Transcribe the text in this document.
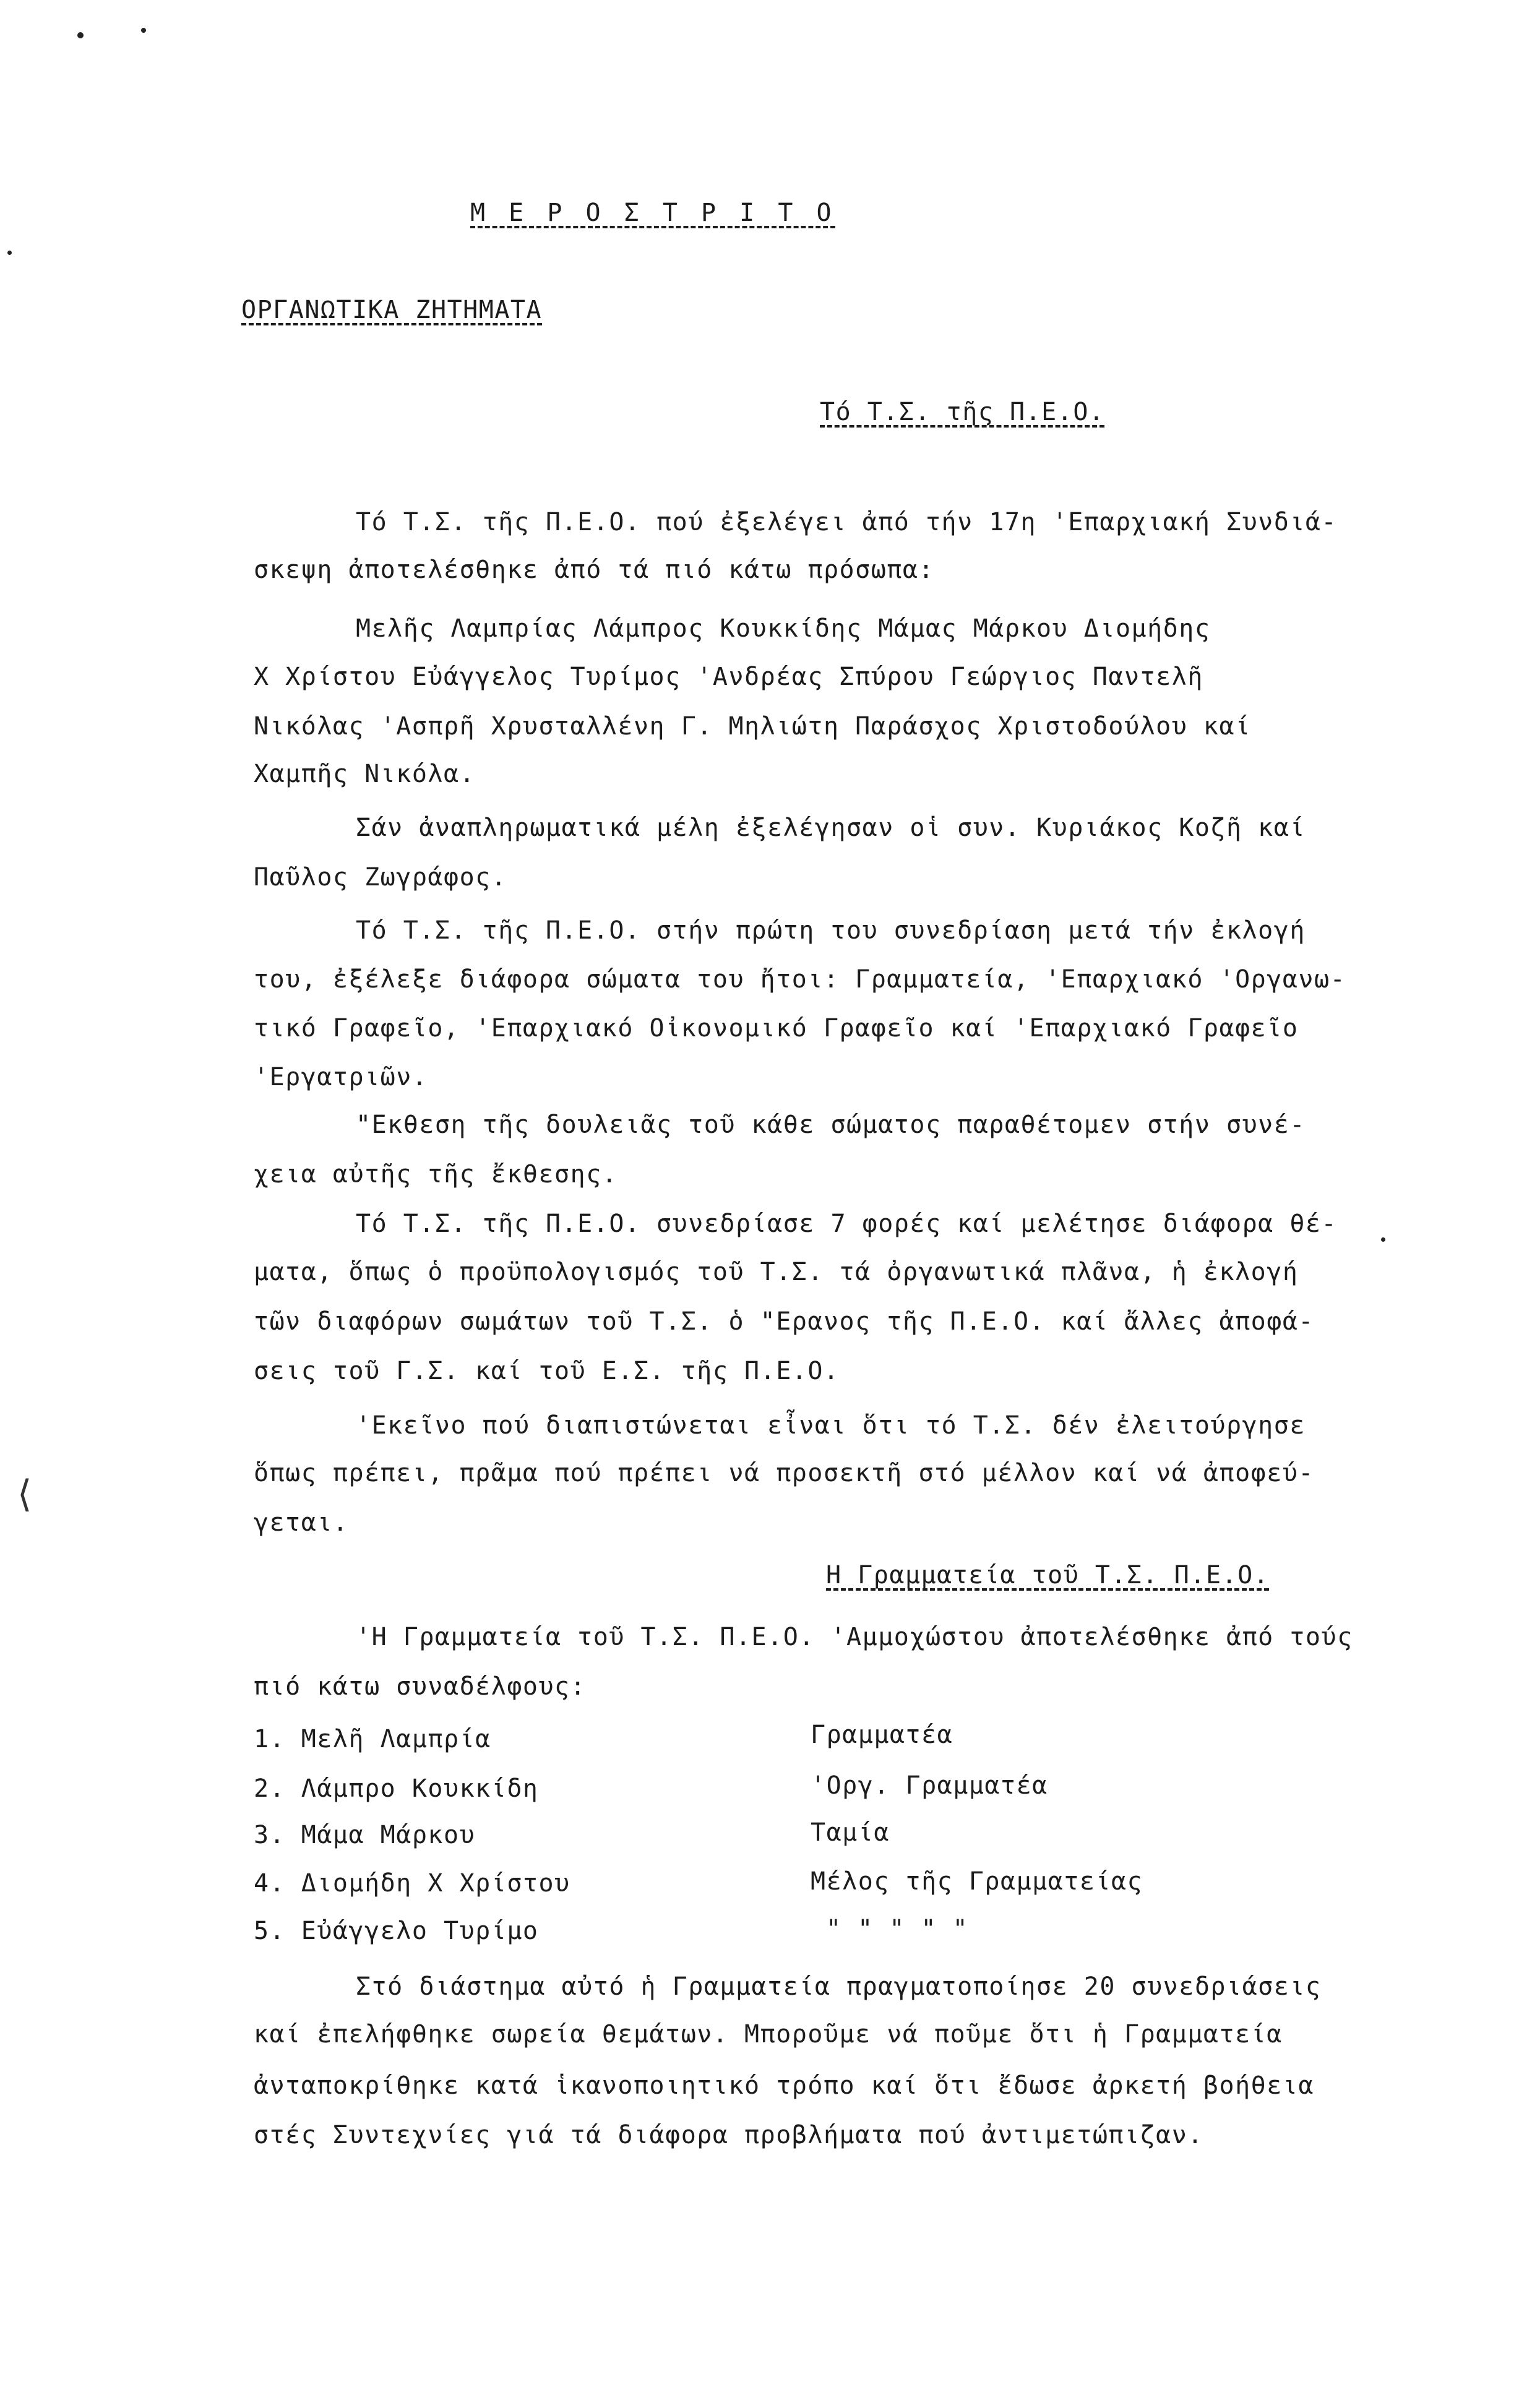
⟨
Μ Ε Ρ Ο Σ Τ Ρ Ι Τ Ο
ΟΡΓΑΝΩΤΙΚΑ ΖΗΤΗΜΑΤΑ
Τό Τ.Σ. τῆς Π.Ε.Ο.
Τό Τ.Σ. τῆς Π.Ε.Ο. πού ἐξελέγει ἀπό τήν 17η 'Επαρχιακή Συνδιά-
σκεψη ἀποτελέσθηκε ἀπό τά πιό κάτω πρόσωπα:
Μελῆς Λαμπρίας Λάμπρος Κουκκίδης Μάμας Μάρκου Διομήδης
Χ Χρίστου Εὐάγγελος Τυρίμος 'Ανδρέας Σπύρου Γεώργιος Παντελῆ
Νικόλας 'Ασπρῆ Χρυσταλλένη Γ. Μηλιώτη Παράσχος Χριστοδούλου καί
Χαμπῆς Νικόλα.
Σάν ἀναπληρωματικά μέλη ἐξελέγησαν οἱ συν. Κυριάκος Κοζῆ καί
Παῦλος Ζωγράφος.
Τό Τ.Σ. τῆς Π.Ε.Ο. στήν πρώτη του συνεδρίαση μετά τήν ἐκλογή
του, ἐξέλεξε διάφορα σώματα του ἤτοι: Γραμματεία, 'Επαρχιακό 'Οργανω-
τικό Γραφεῖο, 'Επαρχιακό Οἰκονομικό Γραφεῖο καί 'Επαρχιακό Γραφεῖο
'Εργατριῶν.
"Εκθεση τῆς δουλειᾶς τοῦ κάθε σώματος παραθέτομεν στήν συνέ-
χεια αὐτῆς τῆς ἔκθεσης.
Τό Τ.Σ. τῆς Π.Ε.Ο. συνεδρίασε 7 φορές καί μελέτησε διάφορα θέ-
ματα, ὅπως ὁ προϋπολογισμός τοῦ Τ.Σ. τά ὀργανωτικά πλᾶνα, ἡ ἐκλογή
τῶν διαφόρων σωμάτων τοῦ Τ.Σ. ὁ "Ερανος τῆς Π.Ε.Ο. καί ἄλλες ἀποφά-
σεις τοῦ Γ.Σ. καί τοῦ Ε.Σ. τῆς Π.Ε.Ο.
'Εκεῖνο πού διαπιστώνεται εἶναι ὅτι τό Τ.Σ. δέν ἐλειτούργησε
ὅπως πρέπει, πρᾶμα πού πρέπει νά προσεκτῆ στό μέλλον καί νά ἀποφεύ-
γεται.
Η Γραμματεία τοῦ Τ.Σ. Π.Ε.Ο.
'Η Γραμματεία τοῦ Τ.Σ. Π.Ε.Ο. 'Αμμοχώστου ἀποτελέσθηκε ἀπό τούς
πιό κάτω συναδέλφους:
1. Μελῆ Λαμπρία	Γραμματέα
2. Λάμπρο Κουκκίδη	'Οργ. Γραμματέα
3. Μάμα Μάρκου	Ταμία
4. Διομήδη Χ Χρίστου	Μέλος τῆς Γραμματείας
5. Εὐάγγελο Τυρίμο	" " " " "
Στό διάστημα αὐτό ἡ Γραμματεία πραγματοποίησε 20 συνεδριάσεις
καί ἐπελήφθηκε σωρεία θεμάτων. Μποροῦμε νά ποῦμε ὅτι ἡ Γραμματεία
ἀνταποκρίθηκε κατά ἱκανοποιητικό τρόπο καί ὅτι ἔδωσε ἀρκετή βοήθεια
στές Συντεχνίες γιά τά διάφορα προβλήματα πού ἀντιμετώπιζαν.
